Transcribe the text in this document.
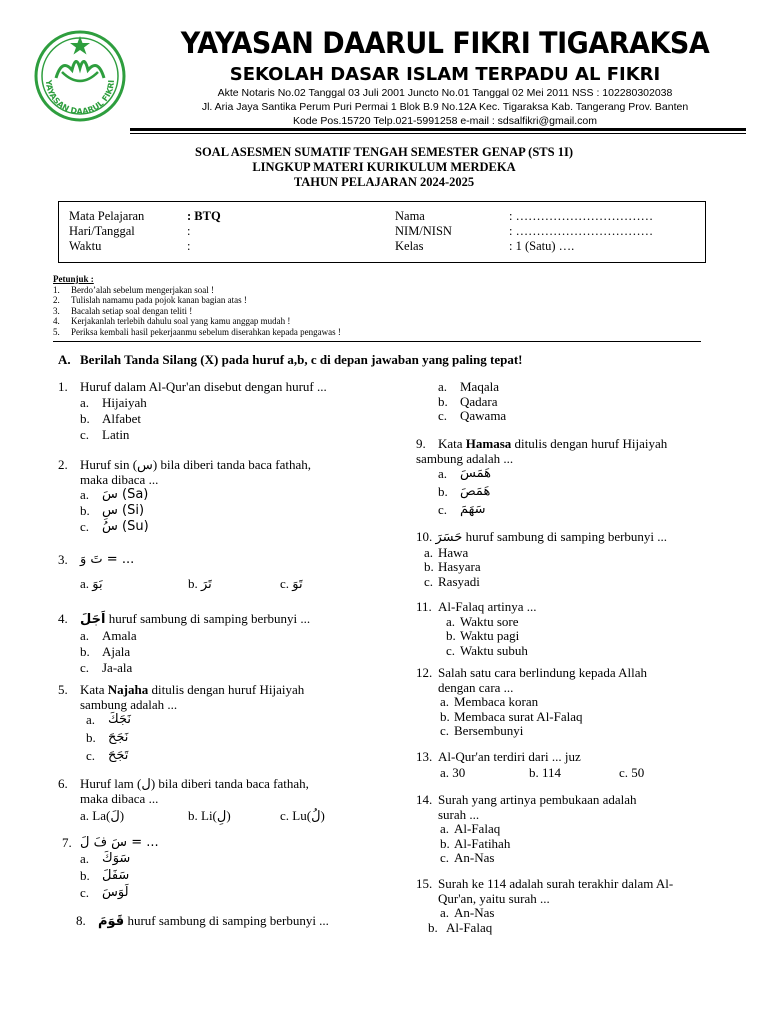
YAYASAN DAARUL FIKRI
YAYASAN DAARUL FIKRI TIGARAKSA
SEKOLAH DASAR ISLAM TERPADU AL FIKRI
Akte Notaris No.02 Tanggal 03 Juli 2001 Juncto No.01 Tanggal 02 Mei 2011 NSS : 102280302038
Jl. Aria Jaya Santika Perum Puri Permai 1 Blok B.9 No.12A Kec. Tigaraksa Kab. Tangerang Prov. Banten
Kode Pos.15720 Telp.021-5991258 e-mail : sdsalfikri@gmail.com
SOAL ASESMEN SUMATIF TENGAH SEMESTER GENAP (STS 1I)
LINGKUP MATERI KURIKULUM MERDEKA
TAHUN PELAJARAN 2024-2025
Mata Pelajaran	: BTQ
Hari/Tanggal	:
Waktu	:
Nama	: ……………………………
NIM/NISN	: ……………………………
Kelas	: 1 (Satu) ….
Petunjuk :
1.	Berdo’alah sebelum mengerjakan soal !
2.	Tulislah namamu pada pojok kanan bagian atas !
3.	Bacalah setiap soal dengan teliti !
4.	Kerjakanlah terlebih dahulu soal yang kamu anggap mudah !
5.	Periksa kembali hasil pekerjaanmu sebelum diserahkan kepada pengawas !
A. Berilah Tanda Silang (X) pada huruf a,b, c di depan jawaban yang paling tepat!
1. Huruf dalam Al-Qur'an disebut dengan huruf ...
a. Hijaiyah
b. Alfabet
c. Latin
2. Huruf sin (س) bila diberi tanda baca fathah,
maka dibaca ...
a. سَ (Sa)
b. سِ (Si)
c. سُ (Su)
3. تَ وَ = ...
a. بَوَ	b. تَرَ	c. تَوَ
4. اَجَلَ huruf sambung di samping berbunyi ...
a. Amala
b. Ajala
c. Ja-ala
5. Kata Najaha ditulis dengan huruf Hijaiyah
sambung adalah ...
a. نَجَكَ
b. نَجَحَ
c. تَجَحَ
6. Huruf lam (ل) bila diberi tanda baca fathah,
maka dibaca ...
a. La(لَ)	b. Li(لِ)	c. Lu(لُ)
7. سَ فَ لَ = ...
a. سَوَكَ
b. سَفَلَ
c. لَوَسَ
8. قَوَمَ huruf sambung di samping berbunyi ...
a. Maqala
b. Qadara
c. Qawama
9. Kata Hamasa ditulis dengan huruf Hijaiyah
sambung adalah ...
a. هَمَسَ
b. هَمَصَ
c. سَهَمَ
10. حَسَرَ huruf sambung di samping berbunyi ...
a. Hawa
b. Hasyara
c. Rasyadi
11. Al-Falaq artinya ...
a. Waktu sore
b. Waktu pagi
c. Waktu subuh
12. Salah satu cara berlindung kepada Allah
dengan cara ...
a. Membaca koran
b. Membaca surat Al-Falaq
c. Bersembunyi
13. Al-Qur'an terdiri dari ... juz
a. 30	b. 114	c. 50
14. Surah yang artinya pembukaan adalah
surah ...
a. Al-Falaq
b. Al-Fatihah
c. An-Nas
15. Surah ke 114 adalah surah terakhir dalam Al-
Qur'an, yaitu surah ...
a. An-Nas
b. Al-Falaq
